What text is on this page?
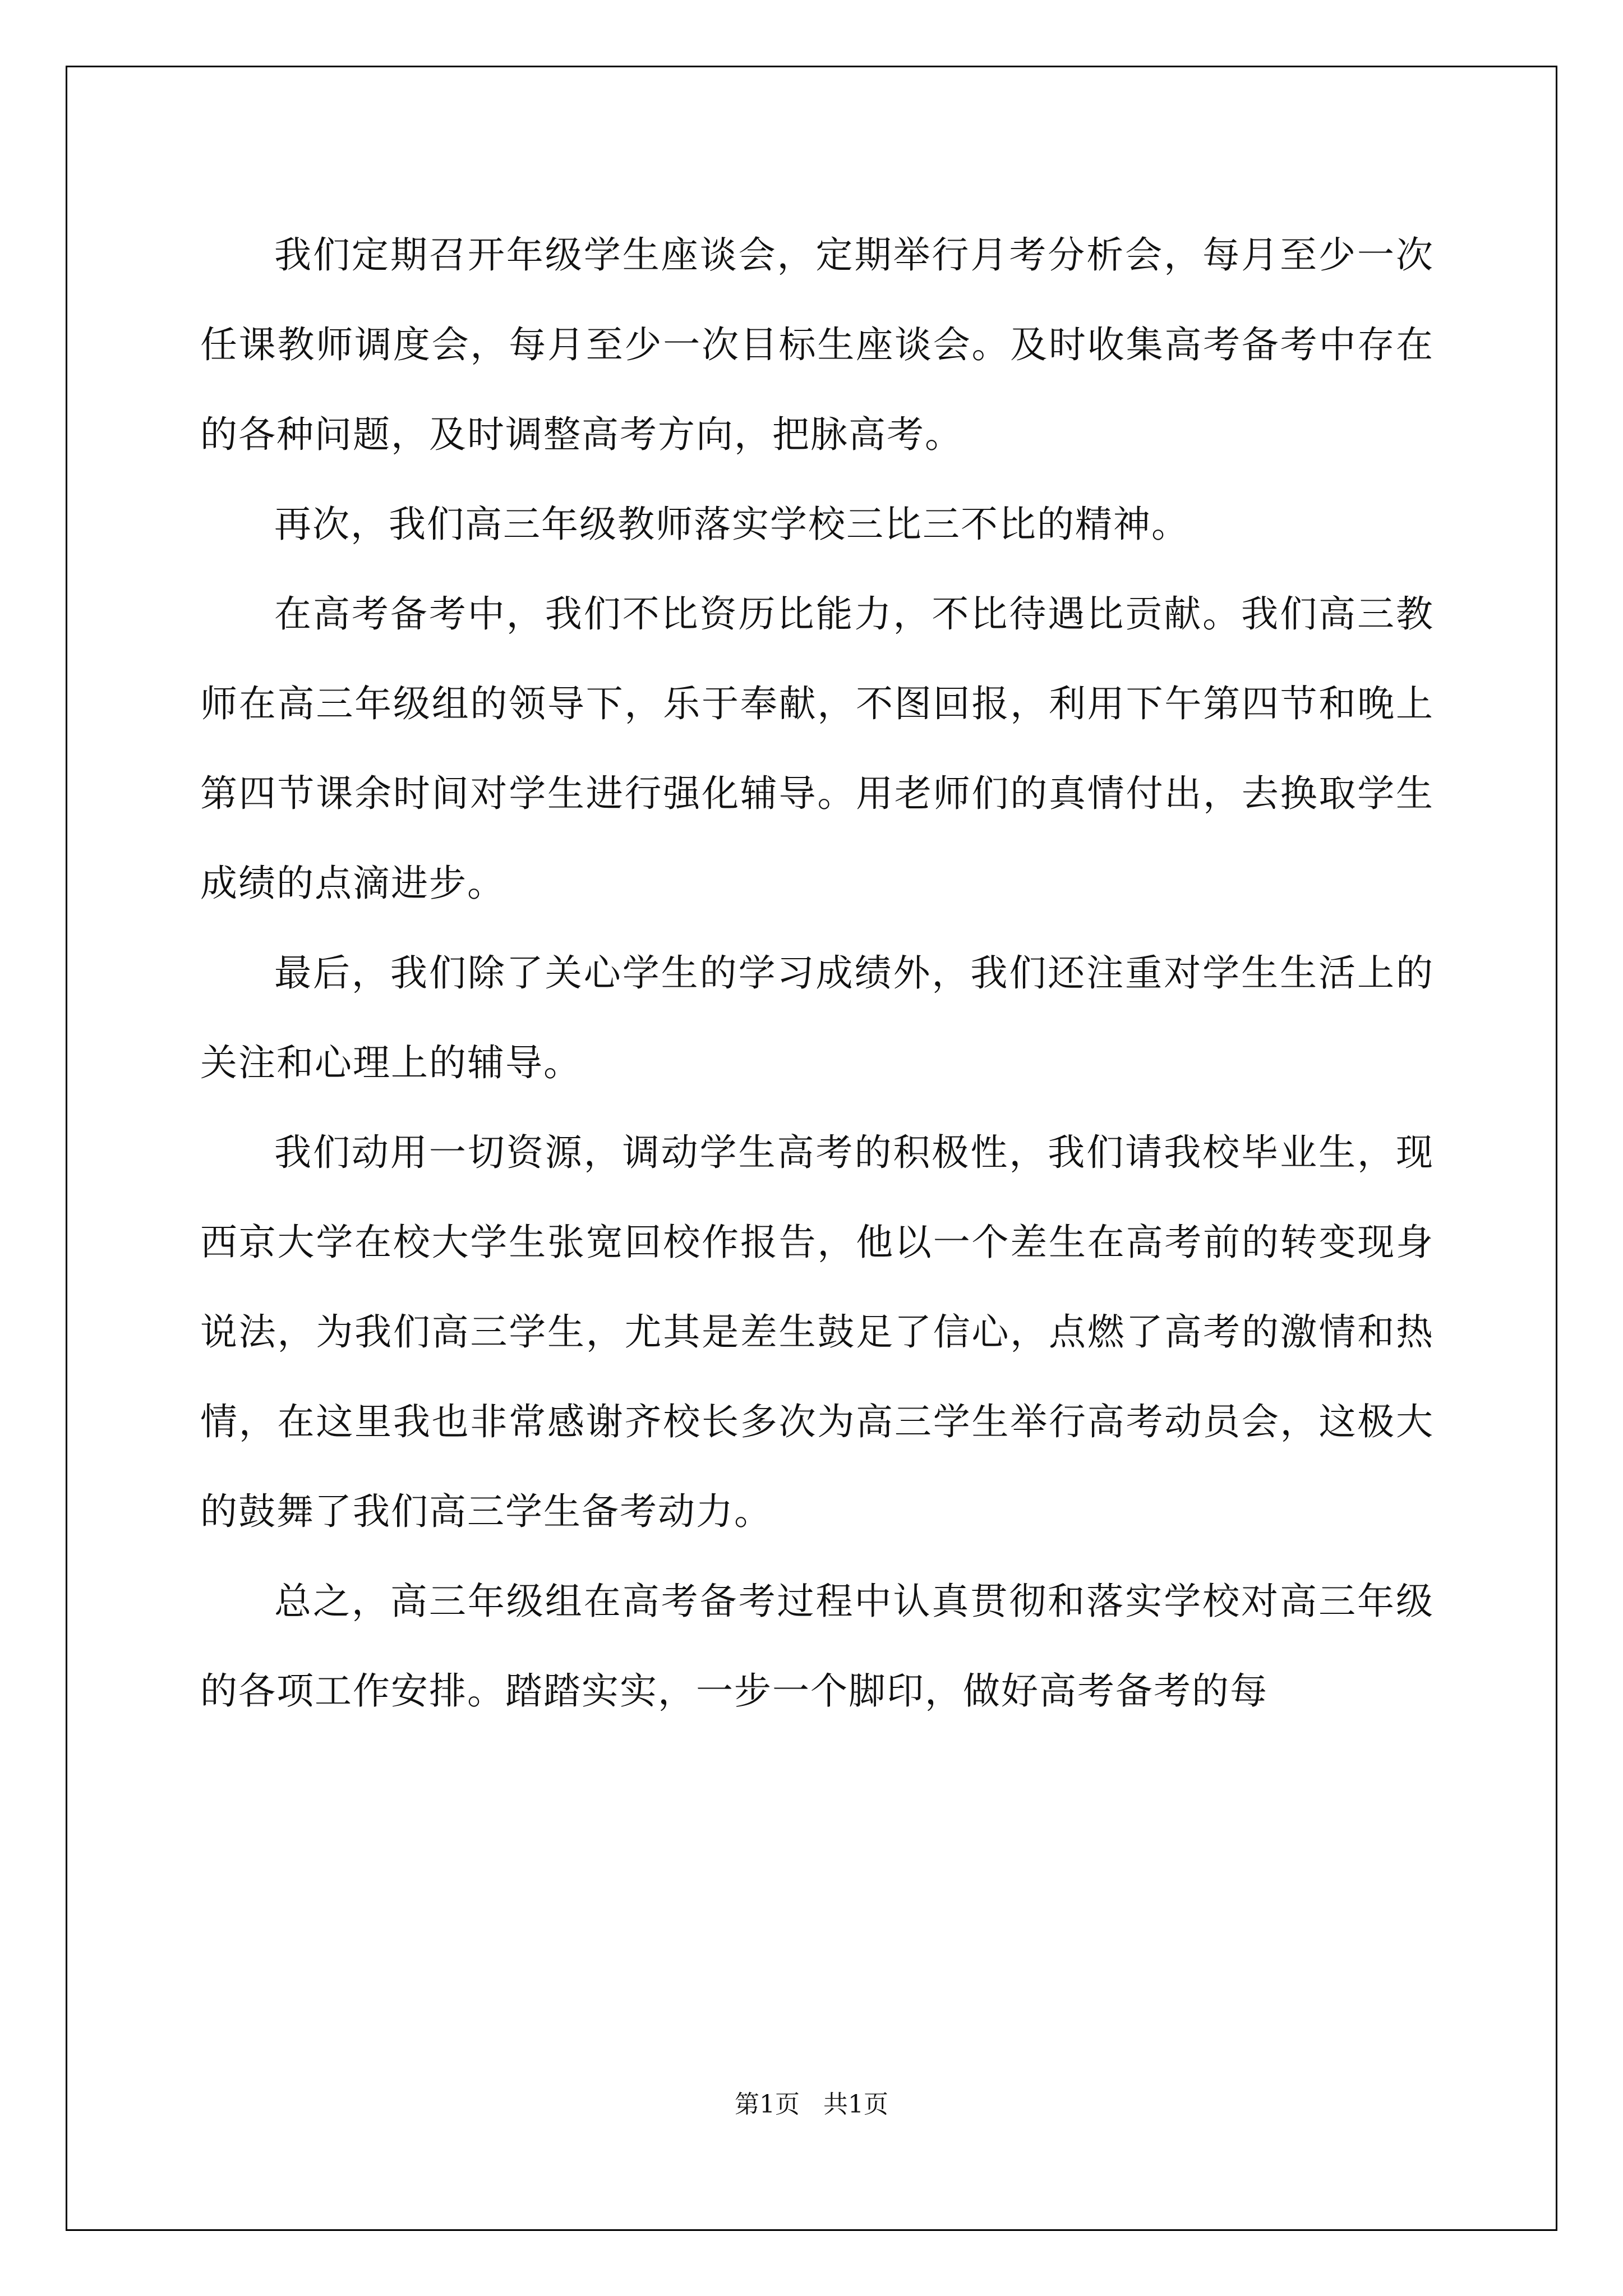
我们定期召开年级学生座谈会，定期举行月考分析会，每月至少一次任课教师调度会，每月至少一次目标生座谈会。及时收集高考备考中存在的各种问题，及时调整高考方向，把脉高考。

再次，我们高三年级教师落实学校三比三不比的精神。

在高考备考中，我们不比资历比能力，不比待遇比贡献。我们高三教师在高三年级组的领导下，乐于奉献，不图回报，利用下午第四节和晚上第四节课余时间对学生进行强化辅导。用老师们的真情付出，去换取学生成绩的点滴进步。

最后，我们除了关心学生的学习成绩外，我们还注重对学生生活上的关注和心理上的辅导。

我们动用一切资源，调动学生高考的积极性，我们请我校毕业生，现西京大学在校大学生张宽回校作报告，他以一个差生在高考前的转变现身说法，为我们高三学生，尤其是差生鼓足了信心，点燃了高考的激情和热情，在这里我也非常感谢齐校长多次为高三学生举行高考动员会，这极大的鼓舞了我们高三学生备考动力。

总之，高三年级组在高考备考过程中认真贯彻和落实学校对高三年级的各项工作安排。踏踏实实，一步一个脚印，做好高考备考的每

第1页 共1页
